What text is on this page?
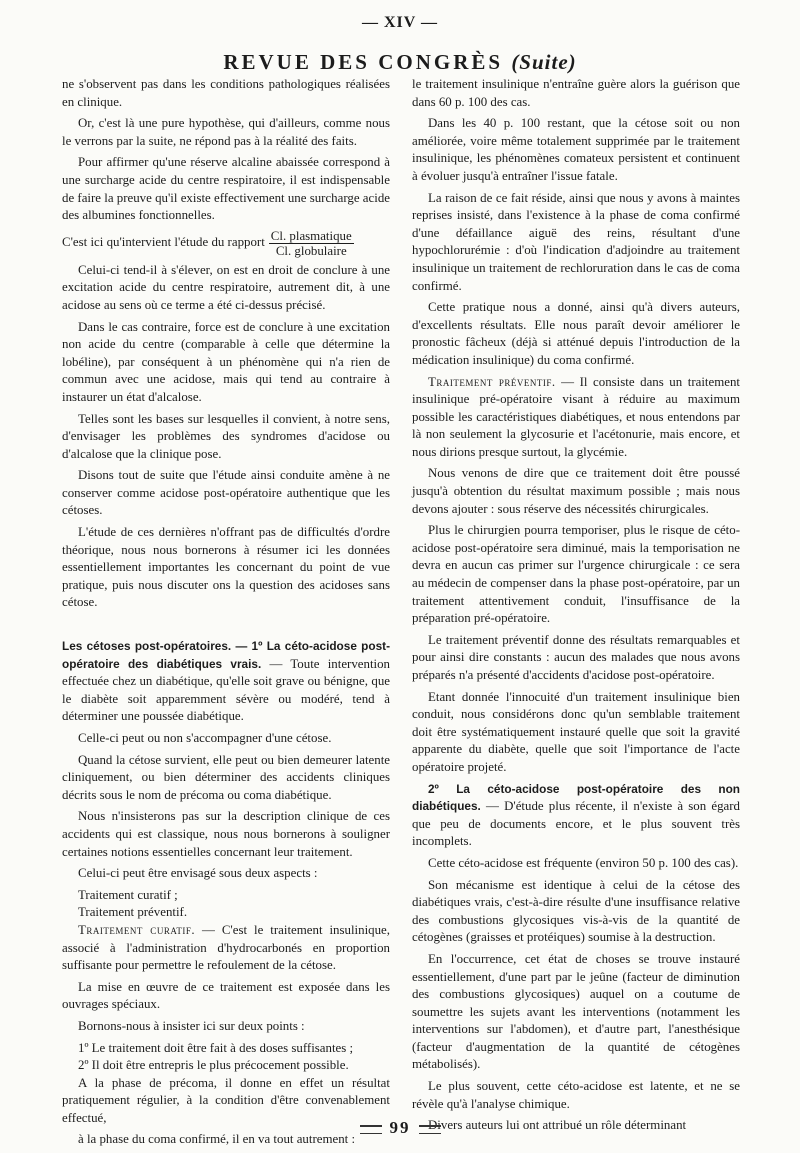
— XIV —
REVUE DES CONGRÈS (Suite)

ne s'observent pas dans les conditions pathologiques réalisées en clinique.

Or, c'est là une pure hypothèse, qui d'ailleurs, comme nous le verrons par la suite, ne répond pas à la réalité des faits.

Pour affirmer qu'une réserve alcaline abaissée correspond à une surcharge acide du centre respiratoire, il est indispensable de faire la preuve qu'il existe effectivement une surcharge acide des albumines fonctionnelles.

C'est ici qu'intervient l'étude du rapport $\frac{\text{Cl. plasmatique}}{\text{Cl. globulaire}}$

Celui-ci tend-il à s'élever, on est en droit de conclure à une excitation acide du centre respiratoire, autrement dit, à une acidose au sens où ce terme a été ci-dessus précisé.

Dans le cas contraire, force est de conclure à une excitation non acide du centre (comparable à celle que détermine la lobéline), par conséquent à un phénomène qui n'a rien de commun avec une acidose, mais qui tend au contraire à instaurer un état d'alcalose.

Telles sont les bases sur lesquelles il convient, à notre sens, d'envisager les problèmes des syndromes d'acidose ou d'alcalose que la clinique pose.

Disons tout de suite que l'étude ainsi conduite amène à ne conserver comme acidose post-opératoire authentique que les cétoses.

L'étude de ces dernières n'offrant pas de difficultés d'ordre théorique, nous nous bornerons à résumer ici les données essentiellement importantes les concernant du point de vue pratique, puis nous discuter ons la question des acidoses sans cétose.

Les cétoses post-opératoires. — 1º La céto-acidose post-opératoire des diabétiques vrais. — Toute intervention effectuée chez un diabétique, qu'elle soit grave ou bénigne, que le diabète soit apparemment sévère ou modéré, tend à déterminer une poussée diabétique.

Celle-ci peut ou non s'accompagner d'une cétose.

Quand la cétose survient, elle peut ou bien demeurer latente cliniquement, ou bien déterminer des accidents cliniques décrits sous le nom de précoma ou coma diabétique.

Nous n'insisterons pas sur la description clinique de ces accidents qui est classique, nous nous bornerons à souligner certaines notions essentielles concernant leur traitement.

Celui-ci peut être envisagé sous deux aspects :

Traitement curatif ;

Traitement préventif.

Traitement curatif. — C'est le traitement insulinique, associé à l'administration d'hydrocarbonés en proportion suffisante pour permettre le refoulement de la cétose.

La mise en œuvre de ce traitement est exposée dans les ouvrages spéciaux.

Bornons-nous à insister ici sur deux points :

1º Le traitement doit être fait à des doses suffisantes ;

2º Il doit être entrepris le plus précocement possible.

A la phase de précoma, il donne en effet un résultat pratiquement régulier, à la condition d'être convenablement effectué,

à la phase du coma confirmé, il en va tout autrement :

le traitement insulinique n'entraîne guère alors la guérison que dans 60 p. 100 des cas.

Dans les 40 p. 100 restant, que la cétose soit ou non améliorée, voire même totalement supprimée par le traitement insulinique, les phénomènes comateux persistent et continuent à évoluer jusqu'à entraîner l'issue fatale.

La raison de ce fait réside, ainsi que nous y avons à maintes reprises insisté, dans l'existence à la phase de coma confirmé d'une défaillance aiguë des reins, résultant d'une hypochlorurémie : d'où l'indication d'adjoindre au traitement insulinique un traitement de rechloruration dans le cas de coma confirmé.

Cette pratique nous a donné, ainsi qu'à divers auteurs, d'excellents résultats. Elle nous paraît devoir améliorer le pronostic fâcheux (déjà si atténué depuis l'introduction de la médication insulinique) du coma confirmé.

Traitement préventif. — Il consiste dans un traitement insulinique pré-opératoire visant à réduire au maximum possible les caractéristiques diabétiques, et nous entendons par là non seulement la glycosurie et l'acétonurie, mais encore, et nous dirions presque surtout, la glycémie.

Nous venons de dire que ce traitement doit être poussé jusqu'à obtention du résultat maximum possible ; mais nous devons ajouter : sous réserve des nécessités chirurgicales.

Plus le chirurgien pourra temporiser, plus le risque de céto-acidose post-opératoire sera diminué, mais la temporisation ne devra en aucun cas primer sur l'urgence chirurgicale : ce sera au médecin de compenser dans la phase post-opératoire, par un traitement attentivement conduit, l'insuffisance de la préparation pré-opératoire.

Le traitement préventif donne des résultats remarquables et pour ainsi dire constants : aucun des malades que nous avons préparés n'a présenté d'accidents d'acidose post-opératoire.

Etant donnée l'innocuité d'un traitement insulinique bien conduit, nous considérons donc qu'un semblable traitement doit être systématiquement instauré quelle que soit la gravité apparente du diabète, quelle que soit l'importance de l'acte opératoire projeté.

2º La céto-acidose post-opératoire des non diabétiques. — D'étude plus récente, il n'existe à son égard que peu de documents encore, et le plus souvent très incomplets.

Cette céto-acidose est fréquente (environ 50 p. 100 des cas).

Son mécanisme est identique à celui de la cétose des diabétiques vrais, c'est-à-dire résulte d'une insuffisance relative des combustions glycosiques vis-à-vis de la quantité de cétogènes (graisses et protéiques) soumise à la destruction.

En l'occurrence, cet état de choses se trouve instauré essentiellement, d'une part par le jeûne (facteur de diminution des combustions glycosiques) auquel on a coutume de soumettre les sujets avant les interventions (notamment les interventions sur l'abdomen), et d'autre part, l'anesthésique (facteur d'augmentation de la quantité de cétogènes métabolisés).

Le plus souvent, cette céto-acidose est latente, et ne se révèle qu'à l'analyse chimique.

Divers auteurs lui ont attribué un rôle déterminant

99
